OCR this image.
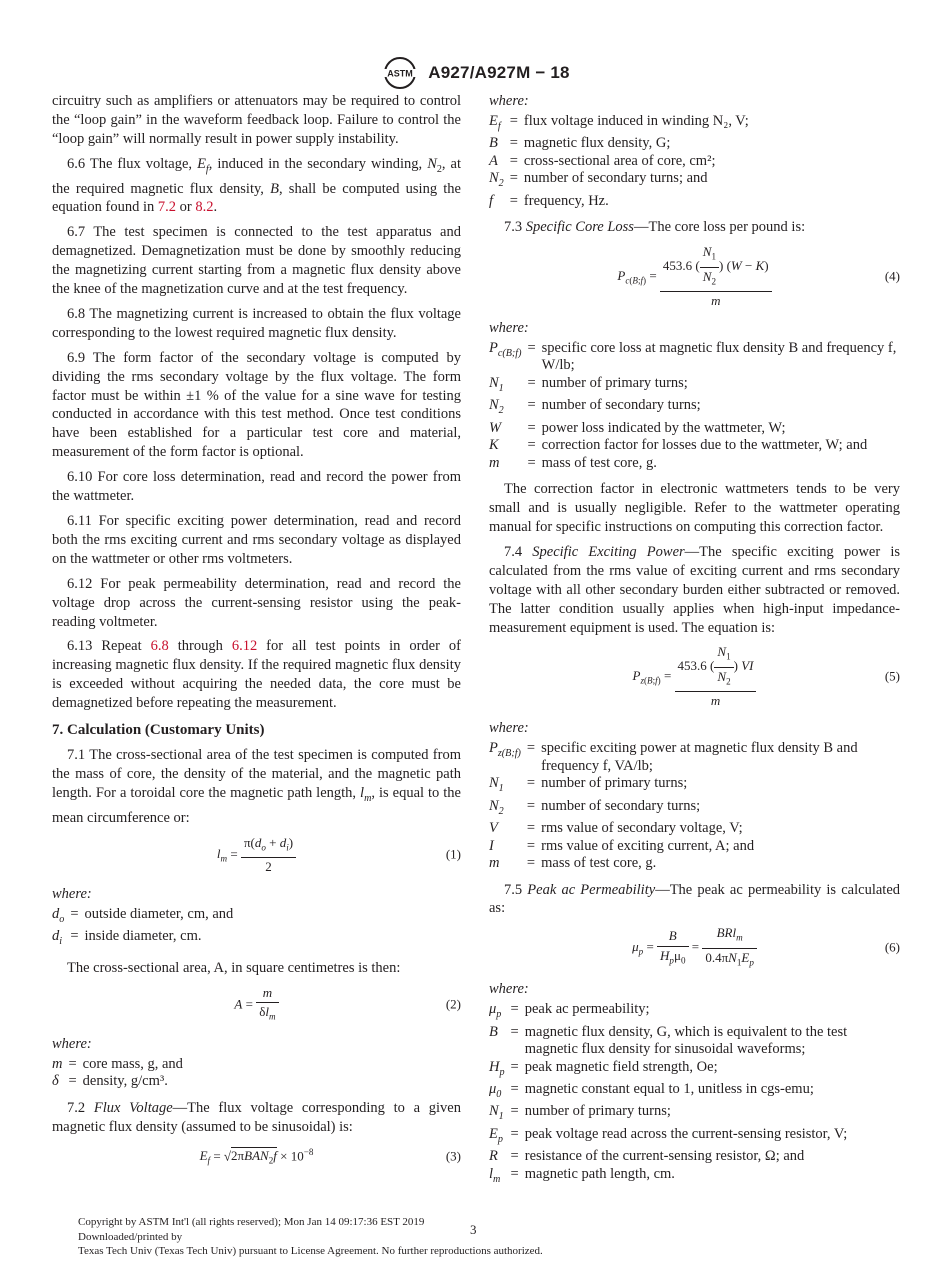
ASTM A927/A927M − 18

circuitry such as amplifiers or attenuators may be required to control the “loop gain” in the waveform feedback loop. Failure to control the “loop gain” will normally result in power supply instability.

6.6 The flux voltage, $E_f$, induced in the secondary winding, $N_2$, at the required magnetic flux density, B, shall be computed using the equation found in 7.2 or 8.2.

6.7 The test specimen is connected to the test apparatus and demagnetized. Demagnetization must be done by smoothly reducing the magnetizing current starting from a magnetic flux density above the knee of the magnetization curve and at the test frequency.

6.8 The magnetizing current is increased to obtain the flux voltage corresponding to the lowest required magnetic flux density.

6.9 The form factor of the secondary voltage is computed by dividing the rms secondary voltage by the flux voltage. The form factor must be within ±1 % of the value for a sine wave for testing conducted in accordance with this test method. Once test conditions have been established for a particular test core and material, measurement of the form factor is optional.

6.10 For core loss determination, read and record the power from the wattmeter.

6.11 For specific exciting power determination, read and record both the rms exciting current and rms secondary voltage as displayed on the wattmeter or other rms voltmeters.

6.12 For peak permeability determination, read and record the voltage drop across the current-sensing resistor using the peak-reading voltmeter.

6.13 Repeat 6.8 through 6.12 for all test points in order of increasing magnetic flux density. If the required magnetic flux density is exceeded without acquiring the needed data, the core must be demagnetized before repeating the measurement.

7. Calculation (Customary Units)

7.1 The cross-sectional area of the test specimen is computed from the mass of core, the density of the material, and the magnetic path length. For a toroidal core the magnetic path length, $l_m$, is equal to the mean circumference or:

$l_m = \frac{\pi(d_o + d_i)}{2}$	(1)
where:
$d_o$	=	outside diameter, cm, and
$d_i$	=	inside diameter, cm.

The cross-sectional area, A, in square centimetres is then:

$A = \frac{m}{\delta l_m}$	(2)
where:
m	=	core mass, g, and
δ	=	density, g/cm³.

7.2 Flux Voltage—The flux voltage corresponding to a given magnetic flux density (assumed to be sinusoidal) is:

$E_f = √2\pi BAN_2f \times 10^{-8}$	(3)
where:
$E_f$	=	flux voltage induced in winding N₂, V;
B	=	magnetic flux density, G;
A	=	cross-sectional area of core, cm²;
$N_2$	=	number of secondary turns; and
f	=	frequency, Hz.

7.3 Specific Core Loss—The core loss per pound is:

$P_{c(B;f)} = \frac{453.6 ( \frac{N_1}{N_2} ) (W - K)}{m}$	(4)
where:
$P_{c(B;f)}$	=	specific core loss at magnetic flux density B and frequency f, W/lb;
$N_1$	=	number of primary turns;
$N_2$	=	number of secondary turns;
W	=	power loss indicated by the wattmeter, W;
K	=	correction factor for losses due to the wattmeter, W; and
m	=	mass of test core, g.

The correction factor in electronic wattmeters tends to be very small and is usually negligible. Refer to the wattmeter operating manual for specific instructions on computing this correction factor.

7.4 Specific Exciting Power—The specific exciting power is calculated from the rms value of exciting current and rms secondary voltage with all other secondary burden either subtracted or removed. The latter condition usually applies when high-input impedance-measurement equipment is used. The equation is:

$P_{z(B;f)} = \frac{453.6 ( \frac{N_1}{N_2} ) VI}{m}$	(5)
where:
$P_{z(B;f)}$	=	specific exciting power at magnetic flux density B and frequency f, VA/lb;
$N_1$	=	number of primary turns;
$N_2$	=	number of secondary turns;
V	=	rms value of secondary voltage, V;
I	=	rms value of exciting current, A; and
m	=	mass of test core, g.

7.5 Peak ac Permeability—The peak ac permeability is calculated as:

$\mu_p = \frac{B}{H_p\mu_0} = \frac{BRl_m}{0.4\pi N_1E_p}$	(6)
where:
$\mu_p$	=	peak ac permeability;
B	=	magnetic flux density, G, which is equivalent to the test magnetic flux density for sinusoidal waveforms;
$H_p$	=	peak magnetic field strength, Oe;
$\mu_0$	=	magnetic constant equal to 1, unitless in cgs-emu;
$N_1$	=	number of primary turns;
$E_p$	=	peak voltage read across the current-sensing resistor, V;
R	=	resistance of the current-sensing resistor, Ω; and
$l_m$	=	magnetic path length, cm.
Copyright by ASTM Int'l (all rights reserved); Mon Jan 14 09:17:36 EST 2019
Downloaded/printed by
Texas Tech Univ (Texas Tech Univ) pursuant to License Agreement. No further reproductions authorized.
3
